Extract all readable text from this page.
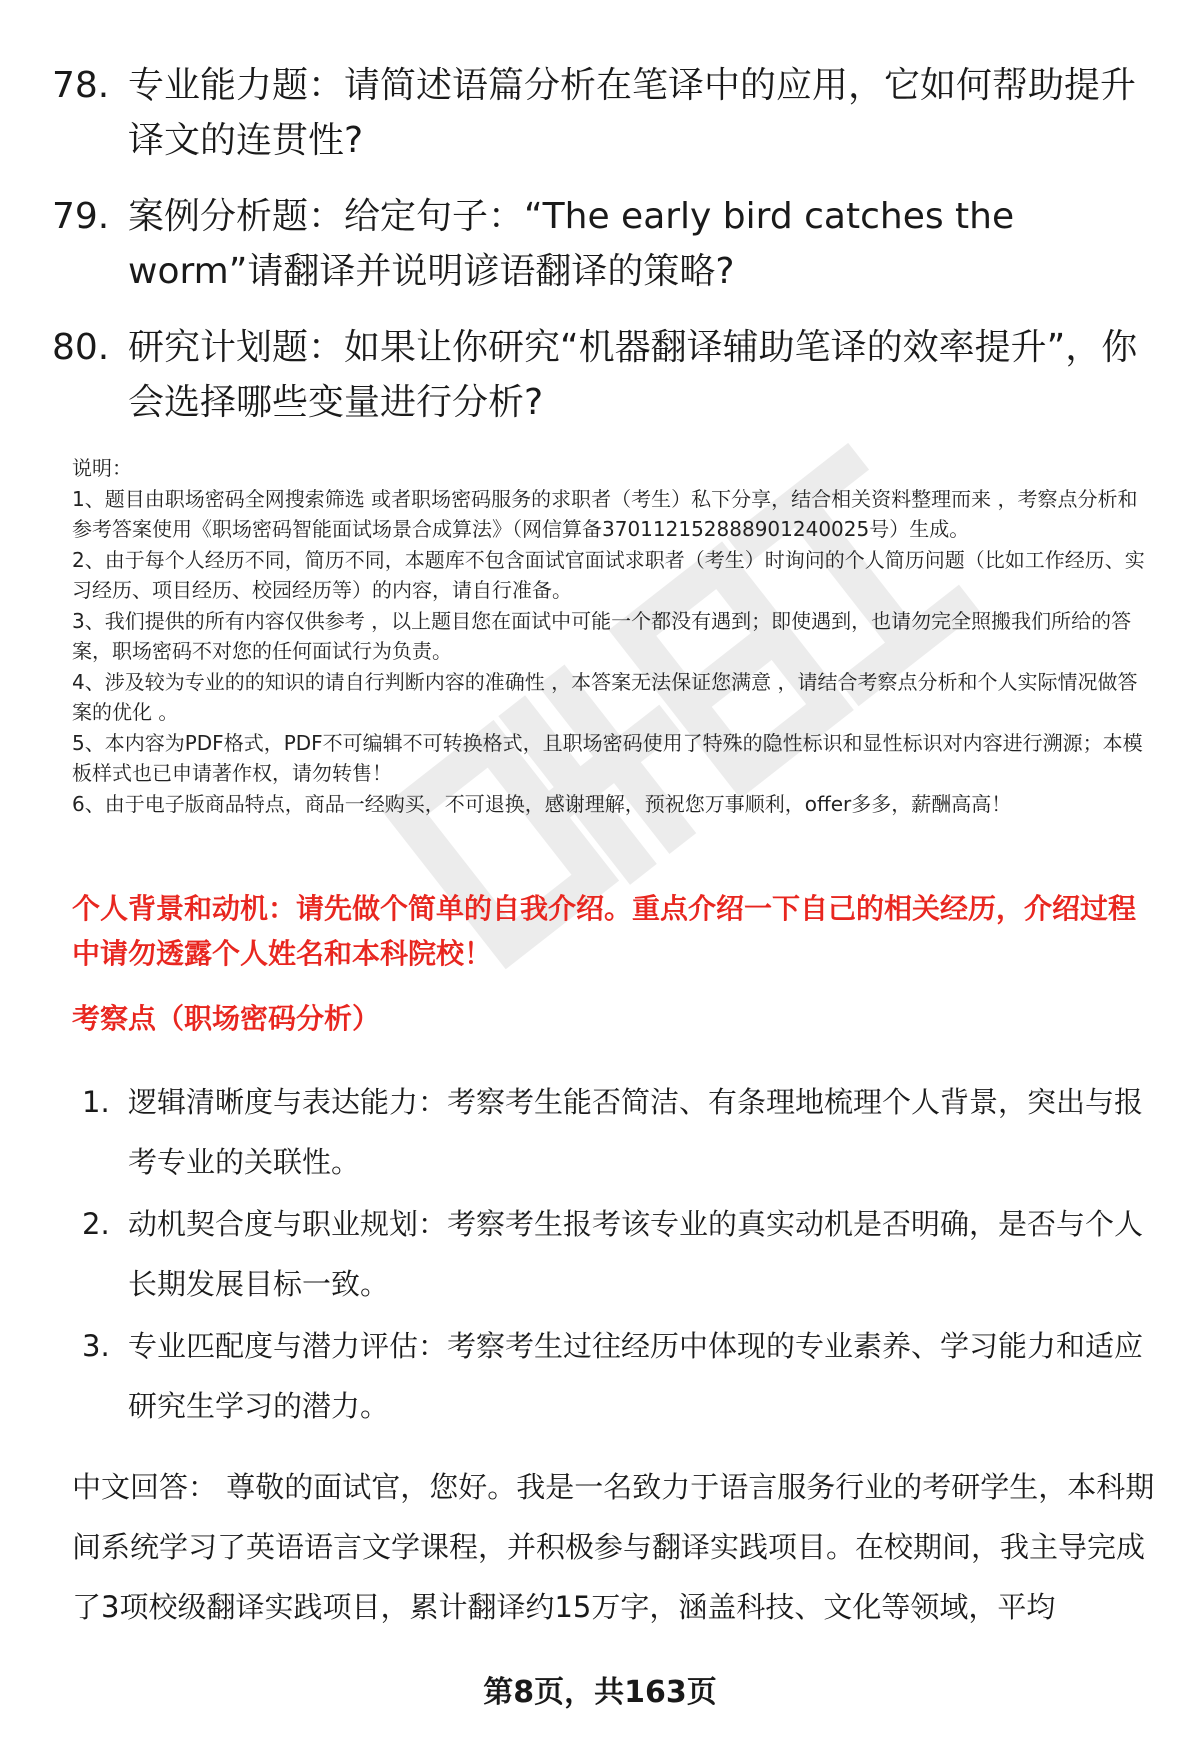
78. 专业能力题：请简述语篇分析在笔译中的应用，它如何帮助提升译文的连贯性?
79. 案例分析题：给定句子：“The early bird catches the worm”请翻译并说明谚语翻译的策略?
80. 研究计划题：如果让你研究“机器翻译辅助笔译的效率提升”，你会选择哪些变量进行分析?

说明：

1、题目由职场密码全网搜索筛选 或者职场密码服务的求职者（考生）私下分享，结合相关资料整理而来 ，考察点分析和参考答案使用《职场密码智能面试场景合成算法》（网信算备370112152888901240025号）生成。

2、由于每个人经历不同，简历不同，本题库不包含面试官面试求职者（考生）时询问的个人简历问题（比如工作经历、实习经历、项目经历、校园经历等）的内容，请自行准备。

3、我们提供的所有内容仅供参考 ，以上题目您在面试中可能一个都没有遇到；即使遇到，也请勿完全照搬我们所给的答案，职场密码不对您的任何面试行为负责。

4、涉及较为专业的的知识的请自行判断内容的准确性 ，本答案无法保证您满意 ，请结合考察点分析和个人实际情况做答案的优化 。

5、本内容为PDF格式，PDF不可编辑不可转换格式，且职场密码使用了特殊的隐性标识和显性标识对内容进行溯源；本模板样式也已申请著作权，请勿转售！

6、由于电子版商品特点，商品一经购买，不可退换，感谢理解，预祝您万事顺利，offer多多，薪酬高高！

个人背景和动机：请先做个简单的自我介绍。重点介绍一下自己的相关经历，介绍过程中请勿透露个人姓名和本科院校！
考察点（职场密码分析）
1. 逻辑清晰度与表达能力：考察考生能否简洁、有条理地梳理个人背景，突出与报考专业的关联性。
2. 动机契合度与职业规划：考察考生报考该专业的真实动机是否明确，是否与个人长期发展目标一致。
3. 专业匹配度与潜力评估：考察考生过往经历中体现的专业素养、学习能力和适应研究生学习的潜力。
中文回答： 尊敬的面试官，您好。我是一名致力于语言服务行业的考研学生，本科期间系统学习了英语语言文学课程，并积极参与翻译实践项目。在校期间，我主导完成了3项校级翻译实践项目，累计翻译约15万字，涵盖科技、文化等领域，平均
第8页，共163页
